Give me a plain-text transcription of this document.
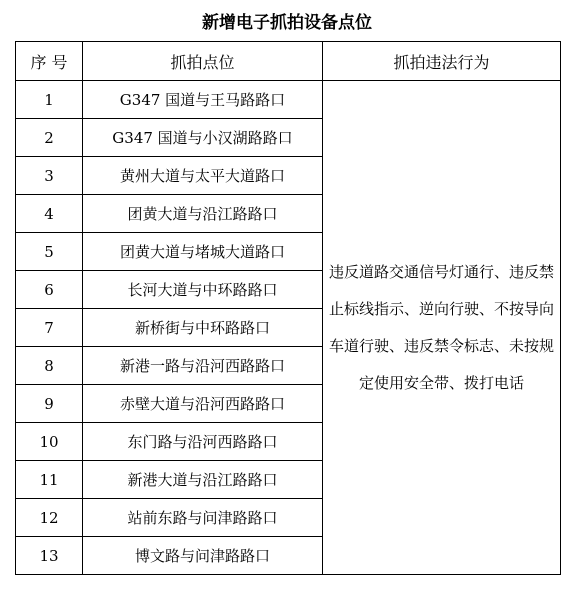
新增电子抓拍设备点位
序 号	抓拍点位	抓拍违法行为
1	G347 国道与王马路路口	违反道路交通信号灯通行、违反禁止标线指示、逆向行驶、不按导向车道行驶、违反禁令标志、未按规定使用安全带、拨打电话
2	G347 国道与小汉湖路路口	
3	黄州大道与太平大道路口	
4	团黄大道与沿江路路口	
5	团黄大道与堵城大道路口	
6	长河大道与中环路路口	
7	新桥街与中环路路口	
8	新港一路与沿河西路路口	
9	赤壁大道与沿河西路路口	
10	东门路与沿河西路路口	
11	新港大道与沿江路路口	
12	站前东路与问津路路口	
13	博文路与问津路路口	
